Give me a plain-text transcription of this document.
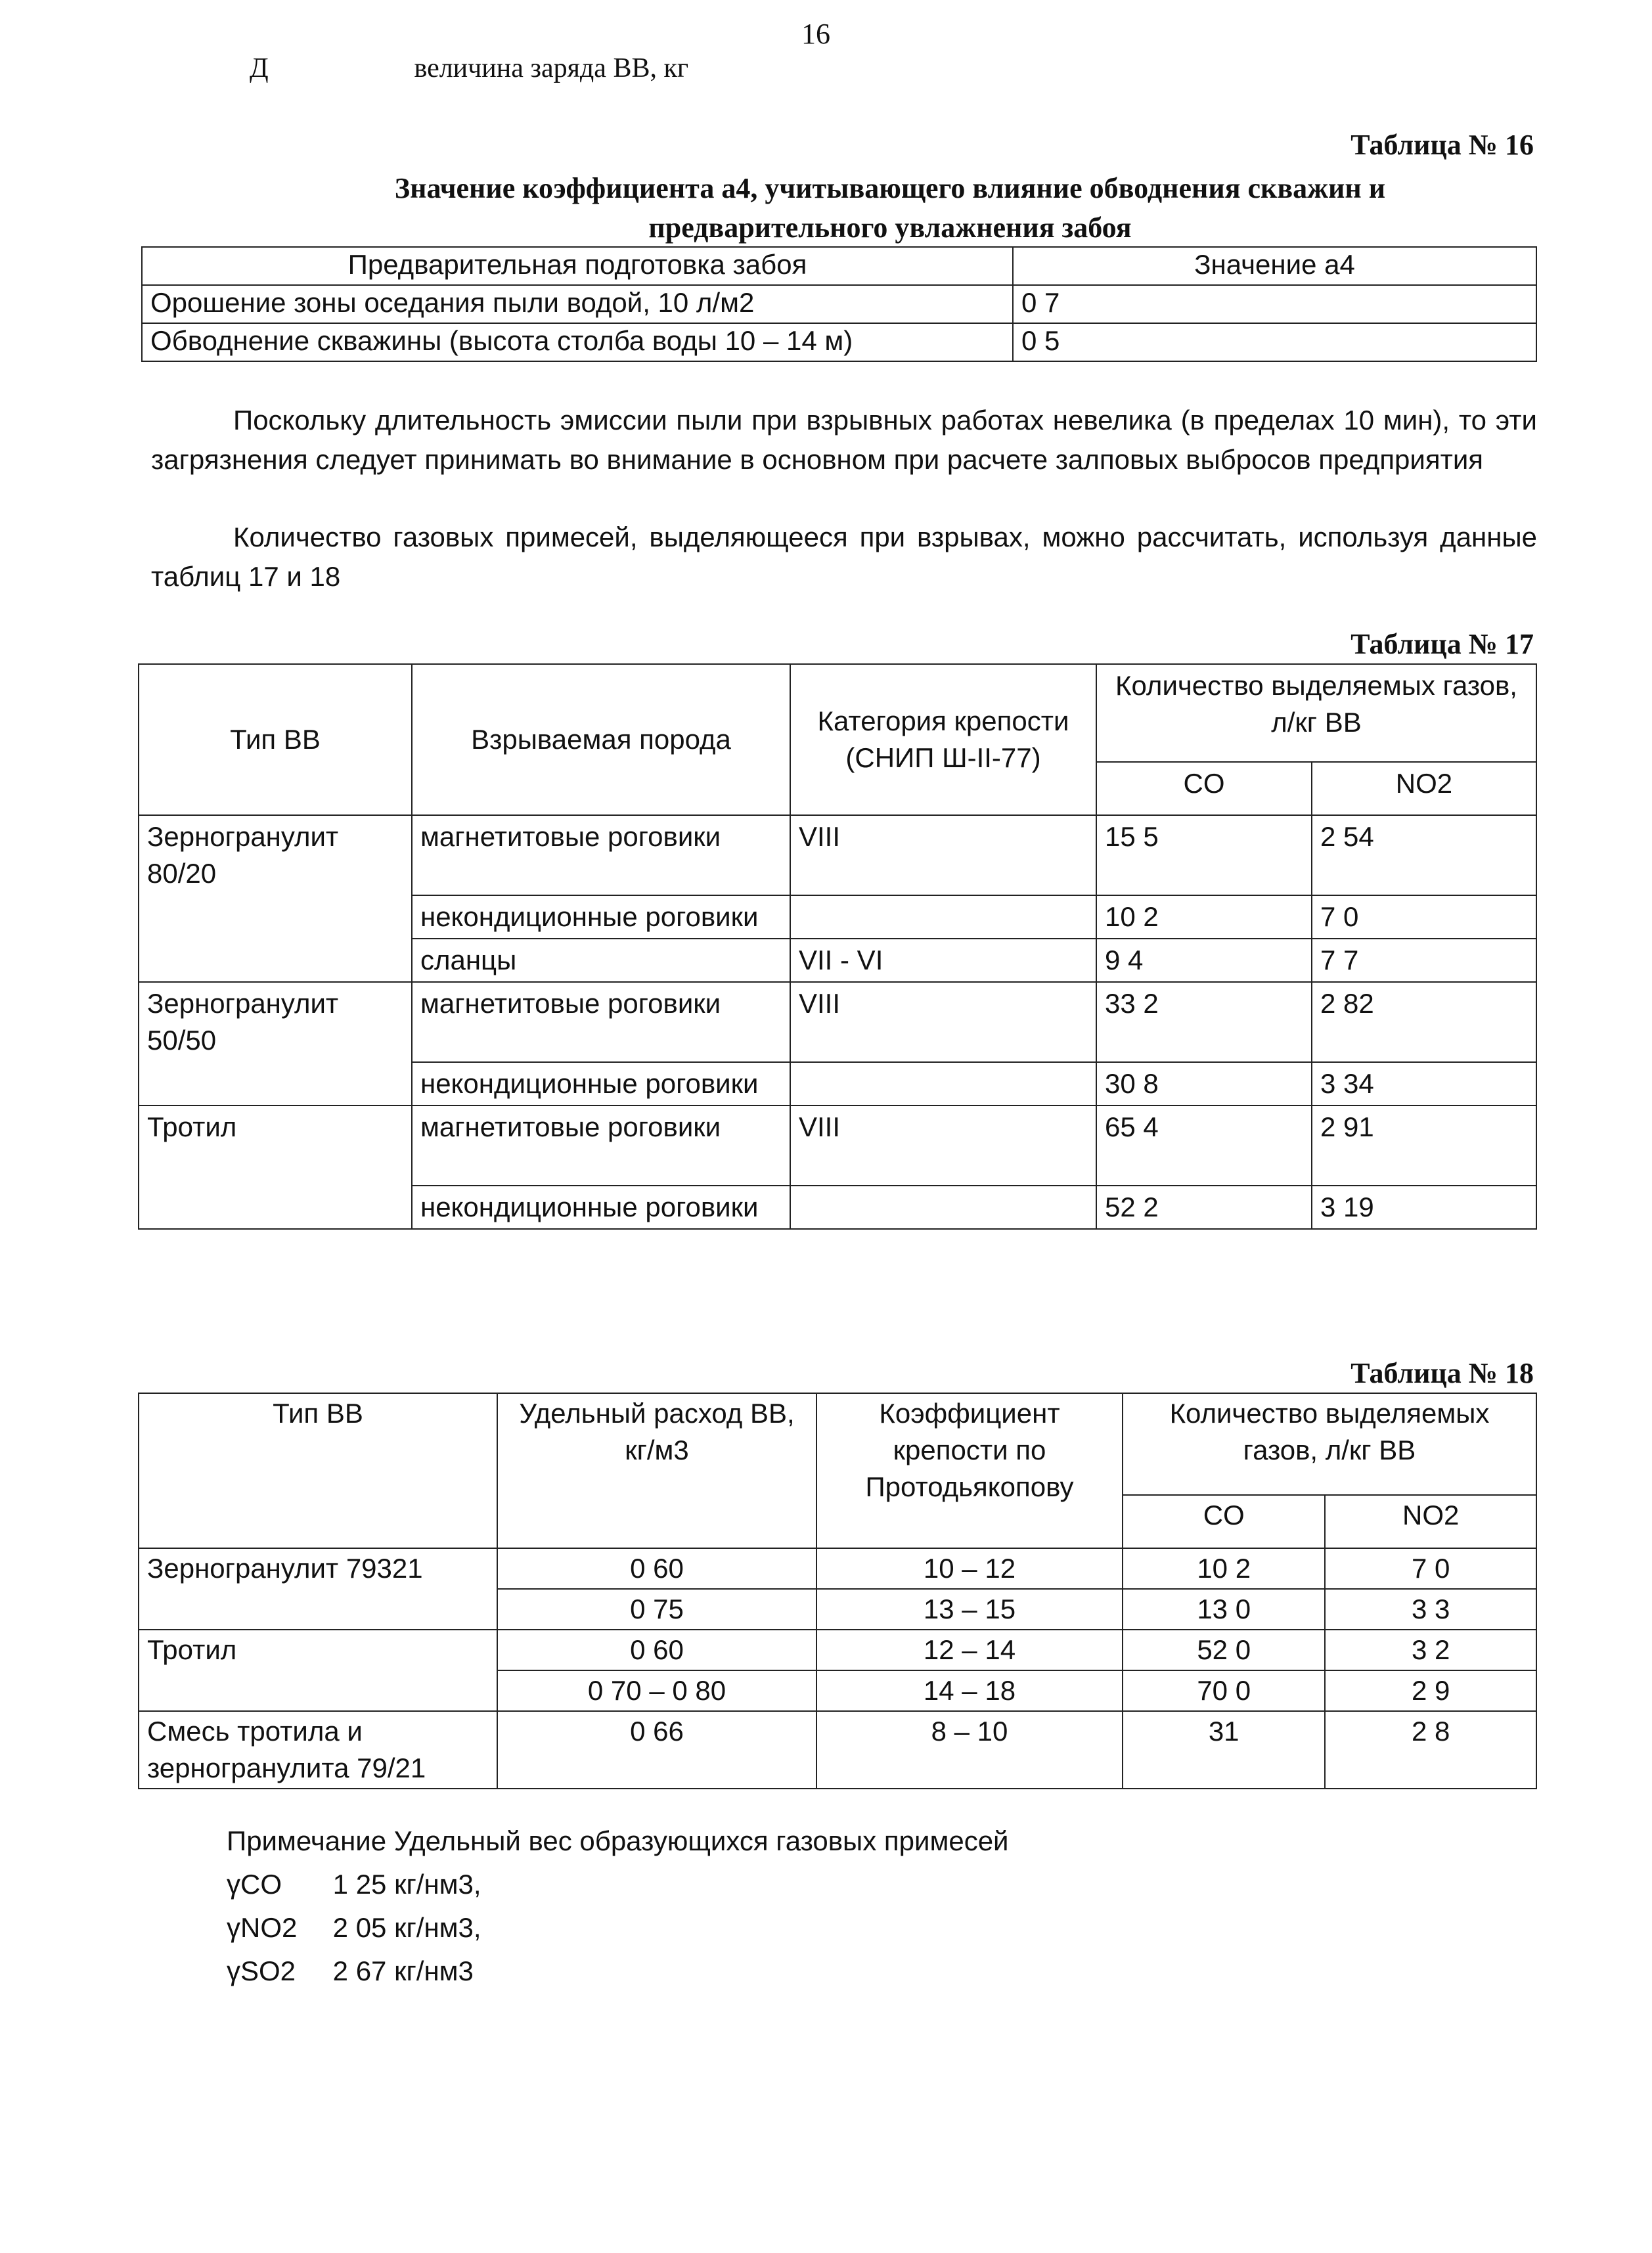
16
Д	величина заряда ВВ, кг
Таблица № 16
Значение коэффициента a4, учитывающего влияние обводнения скважин и предварительного увлажнения забоя
Предварительная подготовка забоя	Значение a4
Орошение зоны оседания пыли водой, 10 л/м2	0 7
Обводнение скважины (высота столба воды 10 – 14 м)	0 5
Поскольку длительность эмиссии пыли при взрывных работах невелика (в пределах 10 мин), то эти загрязнения следует принимать во внимание в основном при расчете залповых выбросов предприятия
Количество газовых примесей, выделяющееся при взрывах, можно рассчитать, используя данные таблиц 17 и 18
Таблица № 17
Тип ВВ	Взрываемая порода	Категория крепости (СНИП Ш-II-77)	Количество выделяемых газов, л/кг ВВ	
			CO	NO2
Зерногранулит 80/20	магнетитовые роговики	VIII	15 5	2 54
	некондиционные роговики		10 2	7 0
	сланцы	VII - VI	9 4	7 7
Зерногранулит 50/50	магнетитовые роговики	VIII	33 2	2 82
	некондиционные роговики		30 8	3 34
Тротил	магнетитовые роговики	VIII	65 4	2 91
	некондиционные роговики		52 2	3 19
Таблица № 18
Тип ВВ	Удельный расход ВВ, кг/м3	Коэффициент крепости по Протодьякопову	Количество выделяемых газов, л/кг ВВ	
			CO	NO2
Зерногранулит 79321	0 60	10 – 12	10 2	7 0
	0 75	13 – 15	13 0	3 3
Тротил	0 60	12 – 14	52 0	3 2
	0 70 – 0 80	14 – 18	70 0	2 9
Смесь тротила и зерногранулита 79/21	0 66	8 – 10	31	2 8
Примечание Удельный вес образующихся газовых примесей
γCO 1 25 кг/нм3,
γNO2 2 05 кг/нм3,
γSO2 2 67 кг/нм3
